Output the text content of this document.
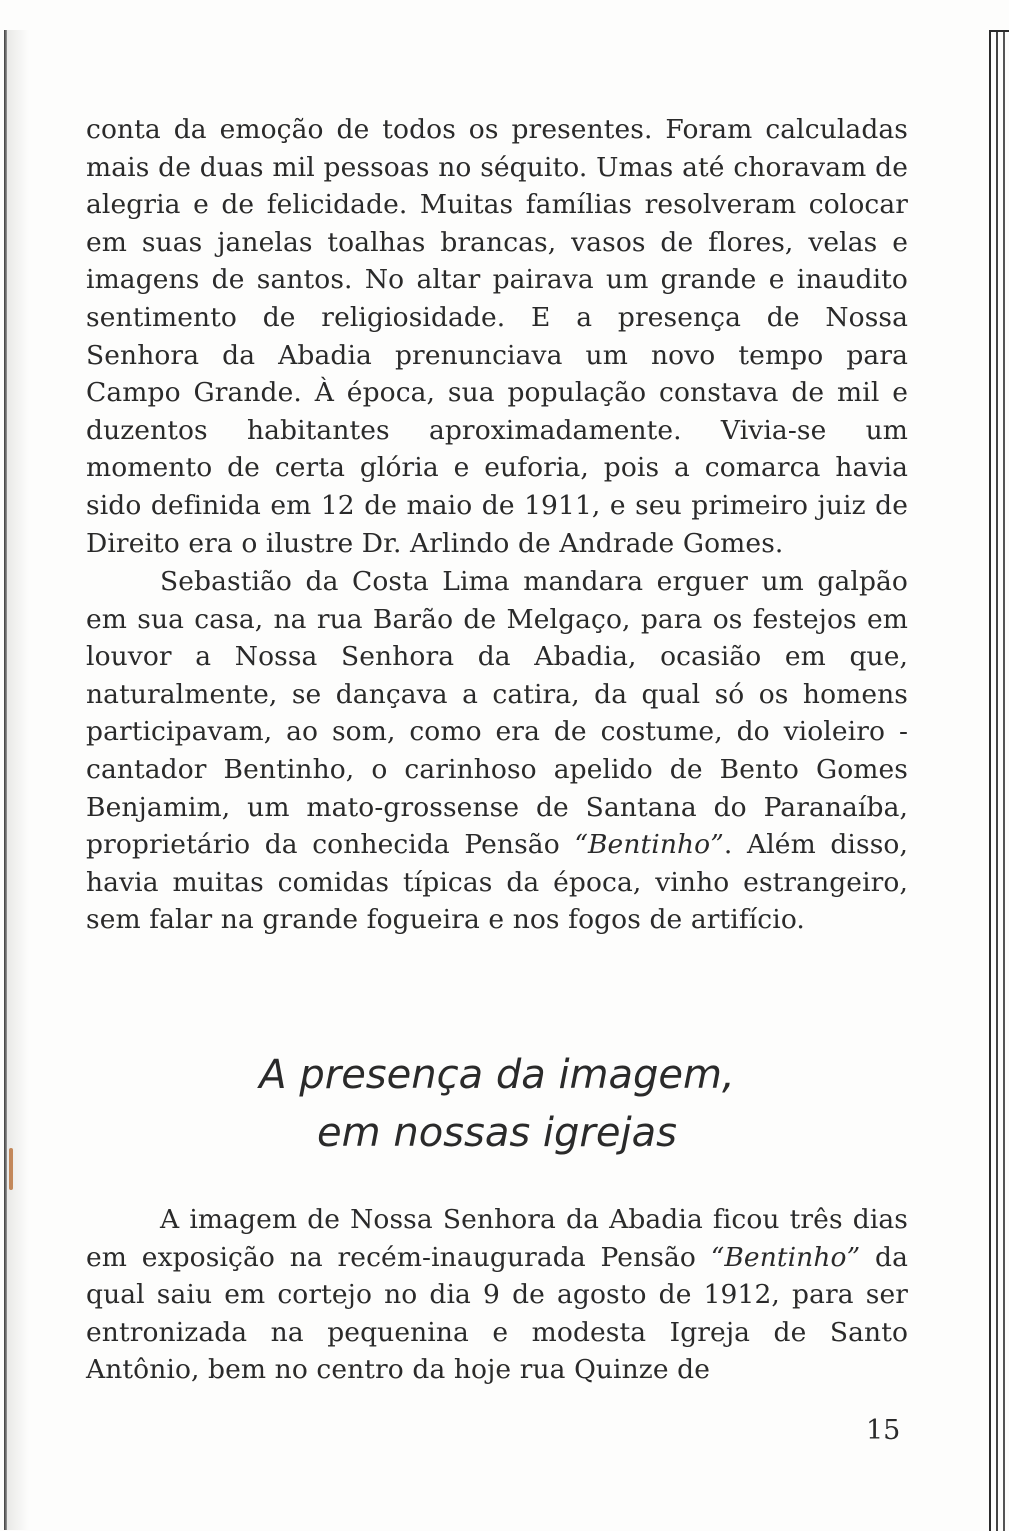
conta da emoção de todos os presentes. Foram calculadas mais de duas mil pessoas no séquito. Umas até choravam de alegria e de felicidade. Muitas famílias resolveram colocar em suas janelas toalhas brancas, vasos de flores, velas e imagens de santos. No altar pairava um grande e inaudito sentimento de religiosidade. E a presença de Nossa Senhora da Abadia prenunciava um novo tempo para Campo Grande. À época, sua população constava de mil e duzentos habitantes aproximadamente. Vivia-se um momento de certa glória e euforia, pois a comarca havia sido definida em 12 de maio de 1911, e seu primeiro juiz de Direito era o ilustre Dr. Arlindo de Andrade Gomes.

Sebastião da Costa Lima mandara erguer um galpão em sua casa, na rua Barão de Melgaço, para os festejos em louvor a Nossa Senhora da Abadia, ocasião em que, naturalmente, se dançava a catira, da qual só os homens participavam, ao som, como era de costume, do violeiro - cantador Bentinho, o carinhoso apelido de Bento Gomes Benjamim, um mato-grossense de Santana do Paranaíba, proprietário da conhecida Pensão “Bentinho”. Além disso, havia muitas comidas típicas da época, vinho estrangeiro, sem falar na grande fogueira e nos fogos de artifício.

A presença da imagem,
em nossas igrejas

A imagem de Nossa Senhora da Abadia ficou três dias em exposição na recém-inaugurada Pensão “Bentinho” da qual saiu em cortejo no dia 9 de agosto de 1912, para ser entronizada na pequenina e modesta Igreja de Santo Antônio, bem no centro da hoje rua Quinze de

15
